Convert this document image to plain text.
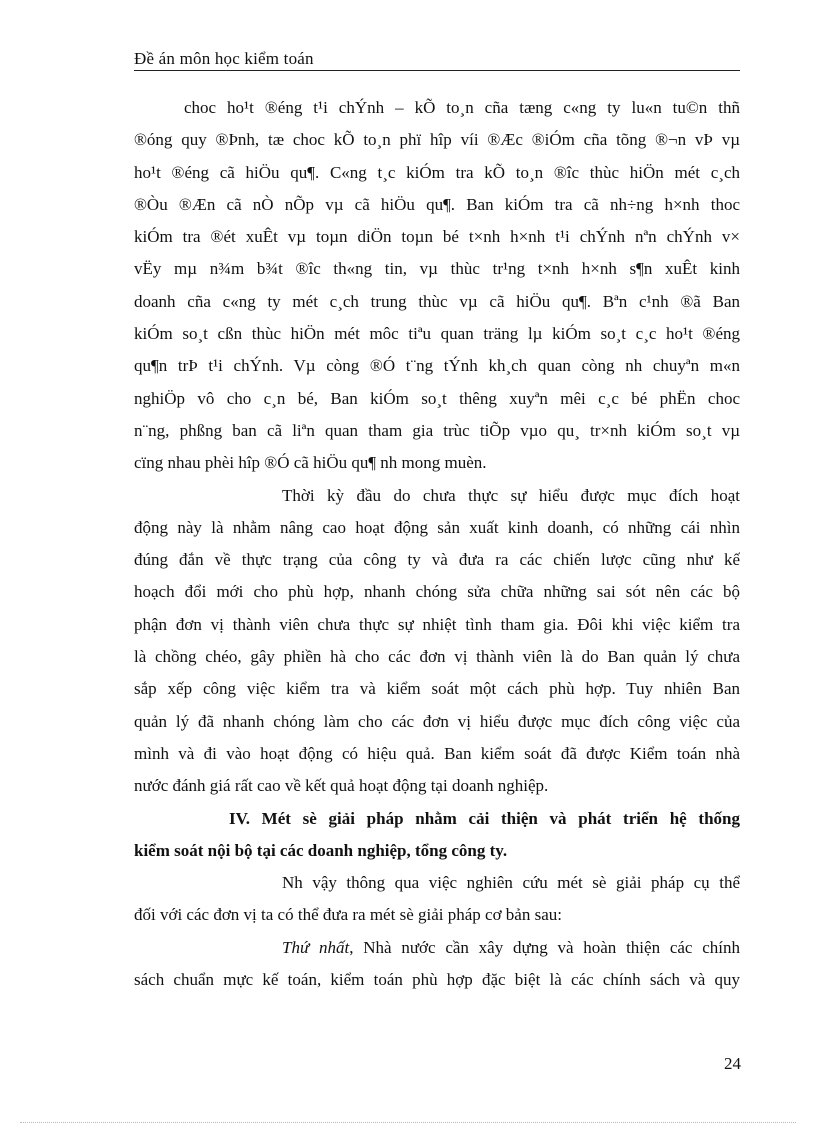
Đề án môn học kiểm toán
choc ho¹t ®éng t¹i chÝnh – kÕ to¸n cña tæng c«ng ty lu«n tu©n thñ
®óng quy ®Þnh, tæ choc kÕ to¸n phï hîp víi ®Æc ®iÓm cña tõng ®¬n vÞ vµ
ho¹t ®éng cã hiÖu qu¶. C«ng t¸c kiÓm tra kÕ to¸n ®îc thùc hiÖn mét c¸ch
®Òu ®Æn cã nÒ nÕp vµ cã hiÖu qu¶. Ban kiÓm tra cã nh÷ng h×nh thoc
kiÓm tra ®ét xuÊt vµ toµn diÖn toµn bé t×nh h×nh t¹i chÝnh nªn chÝnh v×
vËy mµ n¾m b¾t ®îc th«ng tin, vµ thùc tr¹ng t×nh h×nh s¶n xuÊt kinh
doanh cña c«ng ty mét c¸ch trung thùc vµ cã hiÖu qu¶. Bªn c¹nh ®ã Ban
kiÓm so¸t cßn thùc hiÖn mét môc tiªu quan träng lµ kiÓm so¸t c¸c ho¹t ®éng
qu¶n trÞ t¹i chÝnh. Vµ còng ®Ó t¨ng tÝnh kh¸ch quan còng nh chuyªn m«n
nghiÖp vô cho c¸n bé, Ban kiÓm so¸t thêng xuyªn mêi c¸c bé phËn choc
n¨ng, phßng ban cã liªn quan tham gia trùc tiÕp vµo qu¸ tr×nh kiÓm so¸t vµ
cïng nhau phèi hîp ®Ó cã hiÖu qu¶ nh mong muèn.
Thời kỳ đầu do chưa thực sự hiểu được mục đích hoạt
động này là nhằm nâng cao hoạt động sản xuất kinh doanh, có những cái nhìn
đúng đắn về thực trạng của công ty và đưa ra các chiến lược cũng như kế
hoạch đổi mới cho phù hợp, nhanh chóng sửa chữa những sai sót nên các bộ
phận đơn vị thành viên chưa thực sự nhiệt tình tham gia. Đôi khi việc kiểm tra
là chồng chéo, gây phiền hà cho các đơn vị thành viên là do Ban quản lý chưa
sắp xếp công việc kiểm tra và kiểm soát một cách phù hợp. Tuy nhiên Ban
quản lý đã nhanh chóng làm cho các đơn vị hiểu được mục đích công việc của
mình và đi vào hoạt động có hiệu quả. Ban kiểm soát đã được Kiểm toán nhà
nước đánh giá rất cao về kết quả hoạt động tại doanh nghiệp.
IV. Mét sè giải pháp nhằm cải thiện và phát triển hệ thống
kiểm soát nội bộ tại các doanh nghiệp, tổng công ty.
Nh vậy thông qua việc nghiên cứu mét sè giải pháp cụ thể
đối với các đơn vị ta có thể đưa ra mét sè giải pháp cơ bản sau:
Thứ nhất, Nhà nước cần xây dựng và hoàn thiện các chính
sách chuẩn mực kế toán, kiểm toán phù hợp đặc biệt là các chính sách và quy
24
